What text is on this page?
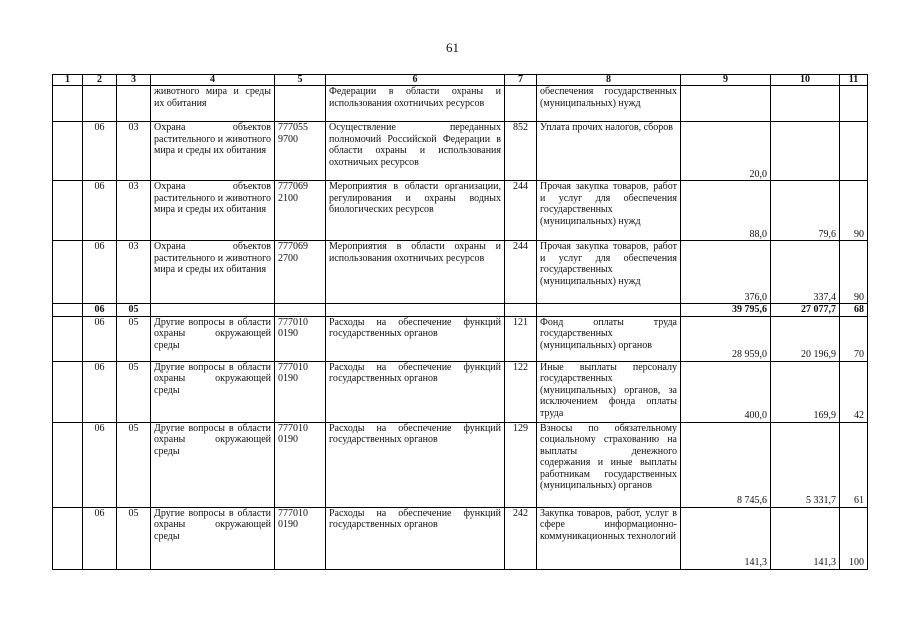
61
1	2	3	4	5	6	7	8	9	10	11
			животного мира и среды их обитания		Федерации в области охраны и использования охотничьих ресурсов		обеспечения государственных (муниципальных) нужд			
	06	03	Охрана объектов растительного и животного мира и среды их обитания	777055 9700	Осуществление переданных полномочий Российской Федерации в области охраны и использования охотничьих ресурсов	852	Уплата прочих налогов, сборов	20,0		
	06	03	Охрана объектов растительного и животного мира и среды их обитания	777069 2100	Мероприятия в области организации, регулирования и охраны водных биологических ресурсов	244	Прочая закупка товаров, работ и услуг для обеспечения государственных (муниципальных) нужд	88,0	79,6	90
	06	03	Охрана объектов растительного и животного мира и среды их обитания	777069 2700	Мероприятия в области охраны и использования охотничьих ресурсов	244	Прочая закупка товаров, работ и услуг для обеспечения государственных (муниципальных) нужд	376,0	337,4	90
	06	05						39 795,6	27 077,7	68
	06	05	Другие вопросы в области охраны окружающей среды	777010 0190	Расходы на обеспечение функций государственных органов	121	Фонд оплаты труда государственных (муниципальных) органов	28 959,0	20 196,9	70
	06	05	Другие вопросы в области охраны окружающей среды	777010 0190	Расходы на обеспечение функций государственных органов	122	Иные выплаты персоналу государственных (муниципальных) органов, за исключением фонда оплаты труда	400,0	169,9	42
	06	05	Другие вопросы в области охраны окружающей среды	777010 0190	Расходы на обеспечение функций государственных органов	129	Взносы по обязательному социальному страхованию на выплаты денежного содержания и иные выплаты работникам государственных (муниципальных) органов	8 745,6	5 331,7	61
	06	05	Другие вопросы в области охраны окружающей среды	777010 0190	Расходы на обеспечение функций государственных органов	242	Закупка товаров, работ, услуг в сфере информационно-коммуникационных технологий	141,3	141,3	100
